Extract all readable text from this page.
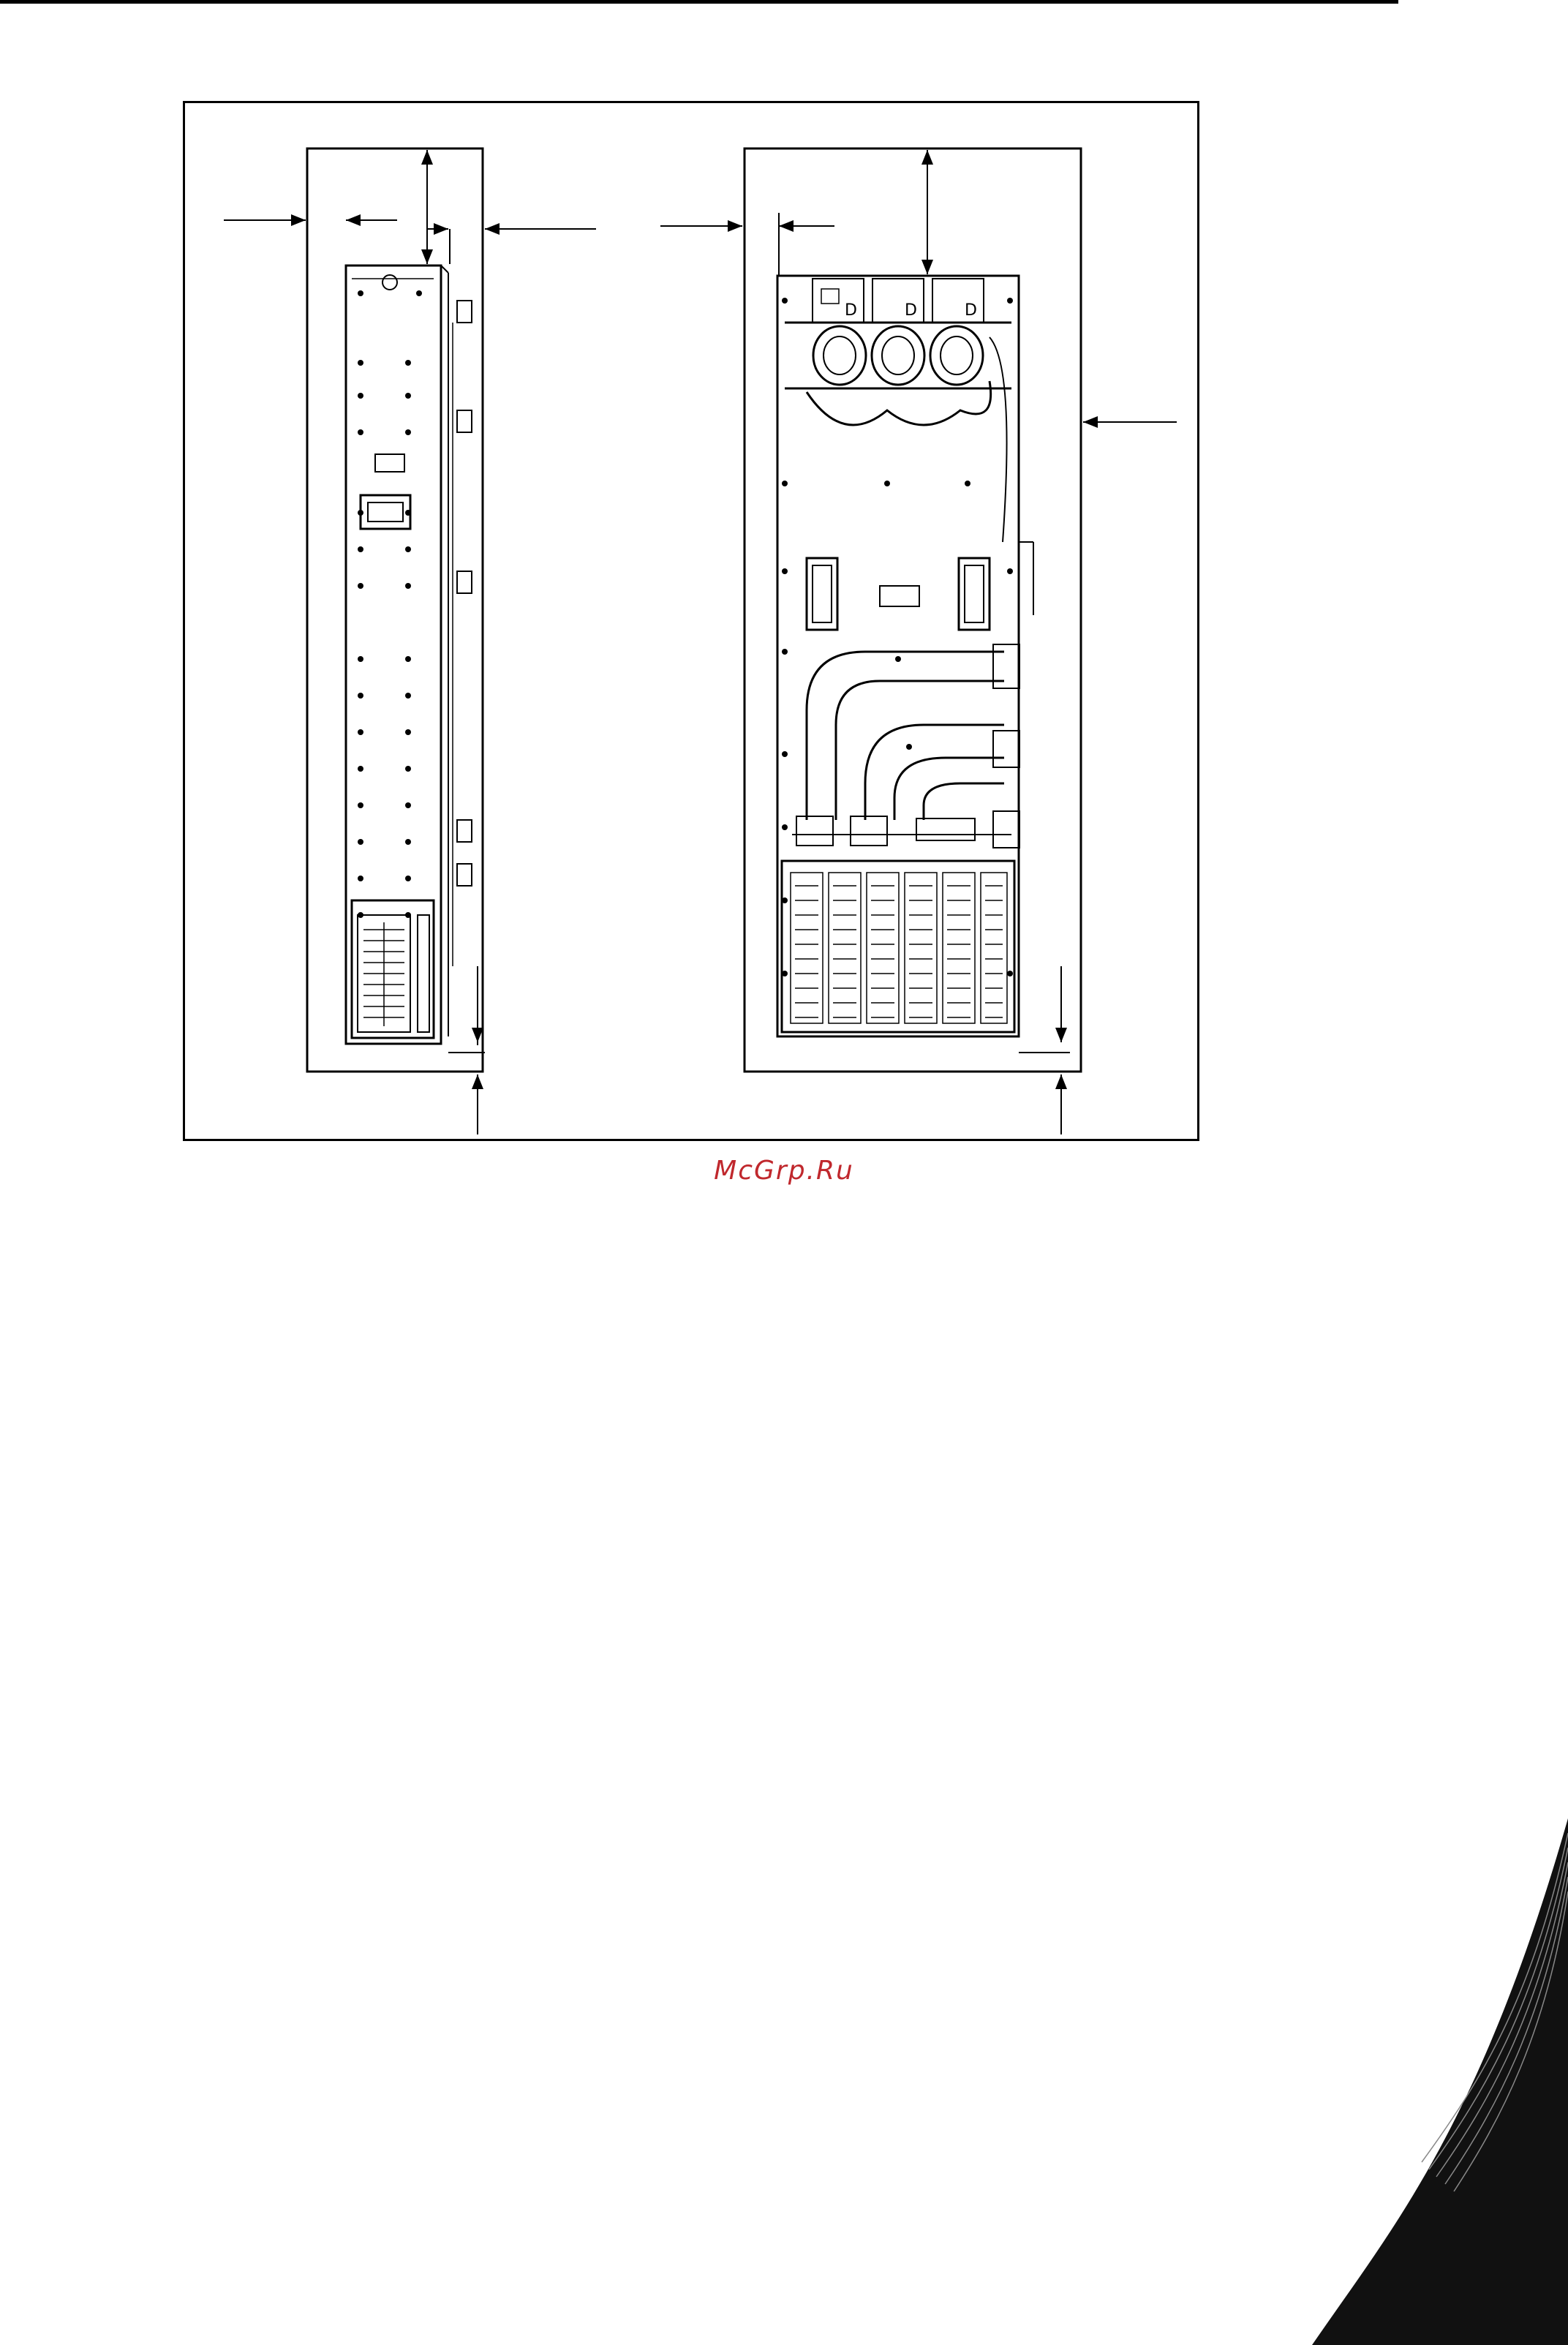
D	D	D
McGrp.Ru
